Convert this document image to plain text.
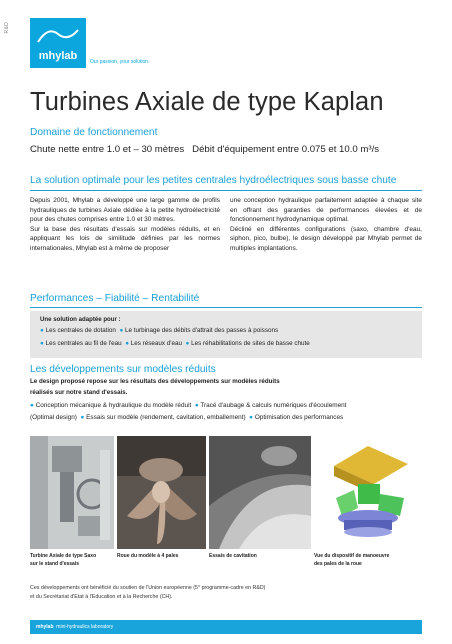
R&D
mhylab	Our passion, your solution.
Turbines Axiale de type Kaplan
Domaine de fonctionnement
Chute nette entre 1.0 et – 30 mètres Débit d'équipement entre 0.075 et 10.0 m³/s
La solution optimale pour les petites centrales hydroélectriques sous basse chute

Depuis 2001, Mhylab a développé une large gamme de profils hydrauliques de turbines Axiale dédiée à la petite hydroélectricité pour des chutes comprises entre 1.0 et 30 mètres.

Sur la base des résultats d'essais sur modèles réduits, et en appliquant les lois de similitude définies par les normes internationales, Mhylab est à même de proposer

une conception hydraulique parfaitement adaptée à chaque site en offrant des garanties de performances élevées et de fonctionnement hydrodynamique optimal.

Décliné en différentes configurations (saxo, chambre d'eau, siphon, pico, bulbe), le design développé par Mhylab permet de multiples implantations.

Performances – Fiabilité – Rentabilité
Une solution adaptée pour :
● Les centrales de dotation ● Le turbinage des débits d'attrait des passes à poissons
● Les centrales au fil de l'eau ● Les réseaux d'eau ● Les réhabilitations de sites de basse chute
Les développements sur modèles réduits
Le design proposé repose sur les résultats des développements sur modèles réduits
réalisés sur notre stand d'essais.
● Conception mécanique & hydraulique du modèle réduit ● Tracé d'aubage & calculs numériques d'écoulement
(Optimal design) ● Essais sur modèle (rendement, cavitation, emballement) ● Optimisation des performances
Turbine Axiale de type Saxo
sur le stand d'essais
Roue du modèle à 4 pales	Essais de cavitation	Vue du dispositif de manoeuvre
des pales de la roue
Ces développements ont bénéficié du soutien de l'Union européenne (5° programme-cadre en R&D)
et du Secrétariat d'Etat à l'Education et à la Recherche (CH).
mhylab
mini-hydraulics laboratory
